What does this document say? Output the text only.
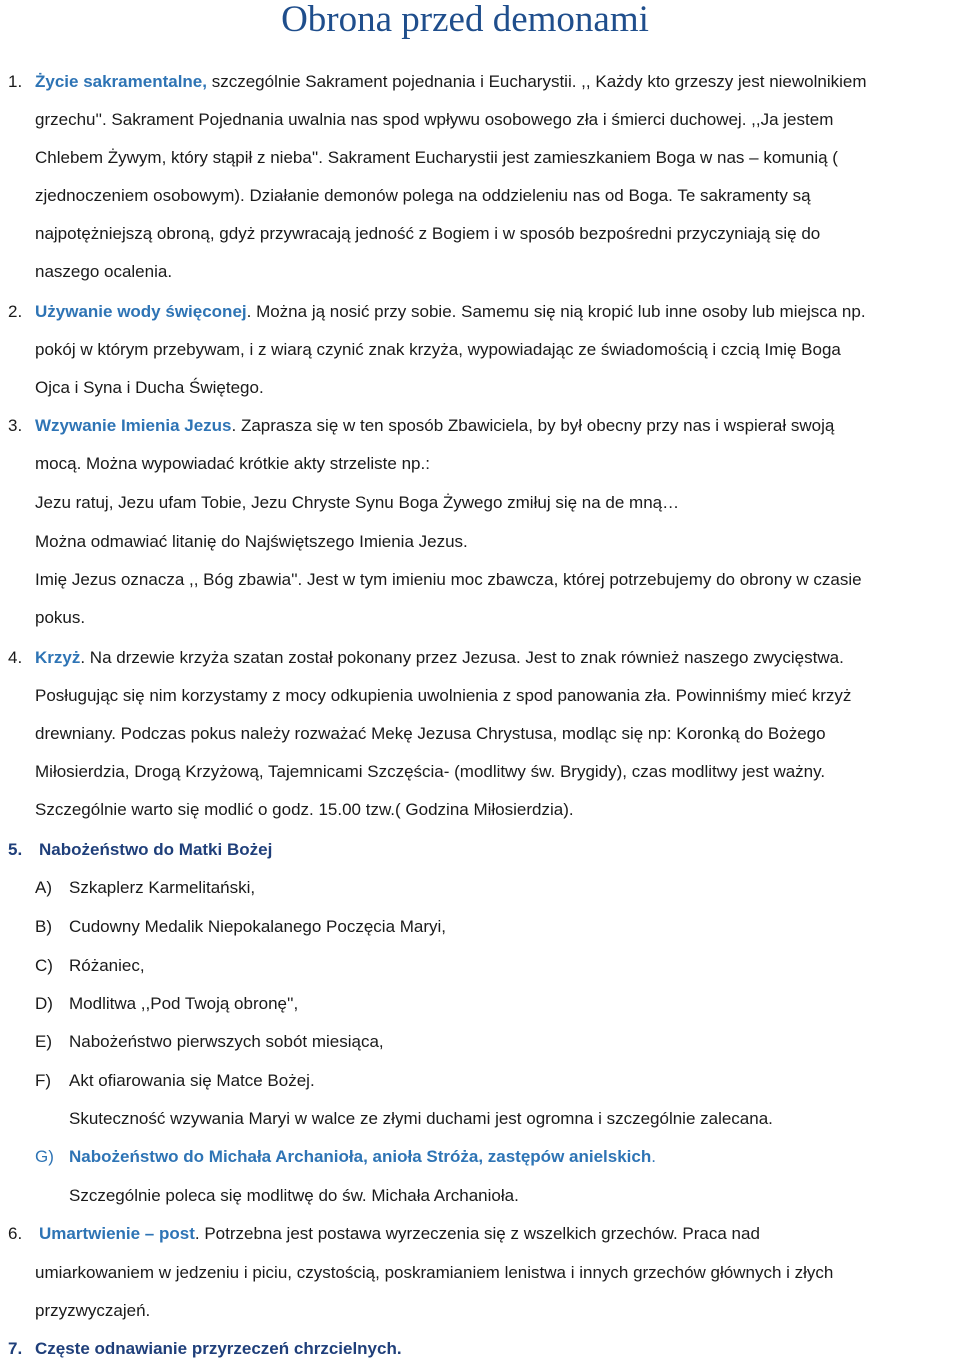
Obrona przed demonami
1. Życie sakramentalne, szczególnie Sakrament pojednania i Eucharystii. ,, Każdy kto grzeszy jest niewolnikiem
grzechu''. Sakrament Pojednania uwalnia nas spod wpływu osobowego zła i śmierci duchowej. ,,Ja jestem
Chlebem Żywym, który stąpił z nieba''. Sakrament Eucharystii jest zamieszkaniem Boga w nas – komunią (
zjednoczeniem osobowym). Działanie demonów polega na oddzieleniu nas od Boga. Te sakramenty są
najpotężniejszą obroną, gdyż przywracają jedność z Bogiem i w sposób bezpośredni przyczyniają się do
naszego ocalenia.
2. Używanie wody święconej. Można ją nosić przy sobie. Samemu się nią kropić lub inne osoby lub miejsca np.
pokój w którym przebywam, i z wiarą czynić znak krzyża, wypowiadając ze świadomością i czcią Imię Boga
Ojca i Syna i Ducha Świętego.
3. Wzywanie Imienia Jezus. Zaprasza się w ten sposób Zbawiciela, by był obecny przy nas i wspierał swoją
mocą. Można wypowiadać krótkie akty strzeliste np.:
Jezu ratuj, Jezu ufam Tobie, Jezu Chryste Synu Boga Żywego zmiłuj się na de mną…
Można odmawiać litanię do Najświętszego Imienia Jezus.
Imię Jezus oznacza ,, Bóg zbawia''. Jest w tym imieniu moc zbawcza, której potrzebujemy do obrony w czasie
pokus.
4. Krzyż. Na drzewie krzyża szatan został pokonany przez Jezusa. Jest to znak również naszego zwycięstwa.
Posługując się nim korzystamy z mocy odkupienia uwolnienia z spod panowania zła. Powinniśmy mieć krzyż
drewniany. Podczas pokus należy rozważać Mekę Jezusa Chrystusa, modląc się np: Koronką do Bożego
Miłosierdzia, Drogą Krzyżową, Tajemnicami Szczęścia- (modlitwy św. Brygidy), czas modlitwy jest ważny.
Szczególnie warto się modlić o godz. 15.00 tzw.( Godzina Miłosierdzia).
5. Nabożeństwo do Matki Bożej
A) Szkaplerz Karmelitański,
B) Cudowny Medalik Niepokalanego Poczęcia Maryi,
C) Różaniec,
D) Modlitwa ,,Pod Twoją obronę'',
E) Nabożeństwo pierwszych sobót miesiąca,
F) Akt ofiarowania się Matce Bożej.
Skuteczność wzywania Maryi w walce ze złymi duchami jest ogromna i szczególnie zalecana.
G) Nabożeństwo do Michała Archanioła, anioła Stróża, zastępów anielskich.
Szczególnie poleca się modlitwę do św. Michała Archanioła.
6. Umartwienie – post. Potrzebna jest postawa wyrzeczenia się z wszelkich grzechów. Praca nad
umiarkowaniem w jedzeniu i piciu, czystością, poskramianiem lenistwa i innych grzechów głównych i złych
przyzwyczajeń.
7. Częste odnawianie przyrzeczeń chrzcielnych.
